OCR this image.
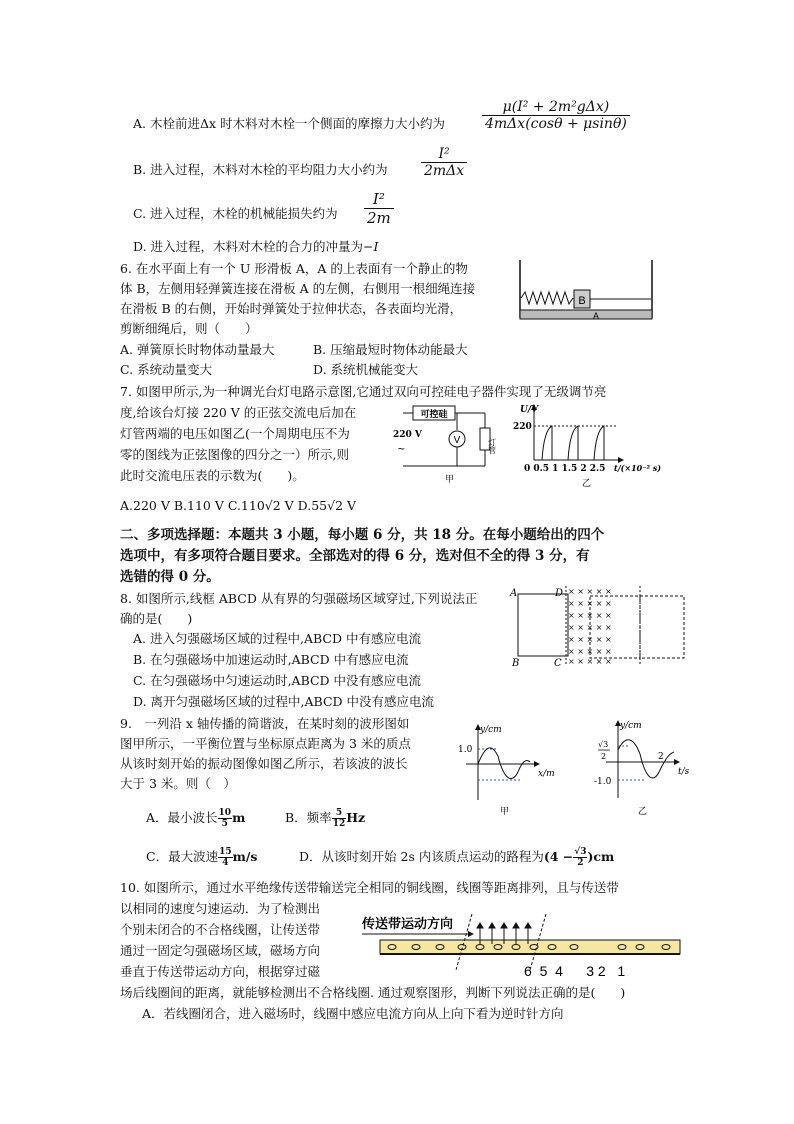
A. 木栓前进Δx 时木料对木栓一个侧面的摩擦力大小约为	$\frac{\text{μ(I² + 2m²gΔx)}}{\text{4mΔx(cosθ + μsinθ)}}$
B. 进入过程，木料对木栓的平均阻力大小约为 $\frac{\text{I²}}{\text{2mΔx}}$
C. 进入过程，木栓的机械能损失约为 $\frac{\text{I²}}{2m}$
D. 进入过程，木料对木栓的合力的冲量为−I
6. 在水平面上有一个 U 形滑板 A，A 的上表面有一个静止的物
体 B，左侧用轻弹簧连接在滑板 A 的左侧，右侧用一根细绳连接
在滑板 B 的右侧，开始时弹簧处于拉伸状态，各表面均光滑，
剪断细绳后，则（　　）
A. 弹簧原长时物体动量最大	B. 压缩最短时物体动能最大
C. 系统动量变大	D. 系统机械能变大
B
A
7. 如图甲所示,为一种调光台灯电路示意图,它通过双向可控硅电子器件实现了无级调节亮
度,给该台灯接 220 V 的正弦交流电后加在
灯管两端的电压如图乙(一个周期电压不为
零的图线为正弦图像的四分之一）所示,则
此时交流电压表的示数为(　　)。
A.220 V B.110 V C.110√2 V D.55√2 V
可控硅
V
220 V
~	灯管
甲
U/V
220
0 0.5 1 1.5 2 2.5 t/(×10⁻² s)
乙
二、多项选择题：本题共 3 小题，每小题 6 分，共 18 分。在每小题给出的四个
选项中，有多项符合题目要求。全部选对的得 6 分，选对但不全的得 3 分，有
选错的得 0 分。
8. 如图所示,线框 ABCD 从有界的匀强磁场区域穿过,下列说法正
确的是(　　)
A. 进入匀强磁场区域的过程中,ABCD 中有感应电流
B. 在匀强磁场中加速运动时,ABCD 中有感应电流
C. 在匀强磁场中匀速运动时,ABCD 中没有感应电流
D. 离开匀强磁场区域的过程中,ABCD 中没有感应电流
A	D
B	C
× × × × ×
× × × × ×
× × × × ×
× × × × ×
× × × × ×
× × × × ×
× × × × ×
9.　一列沿 x 轴传播的简谐波，在某时刻的波形图如
图甲所示，一平衡位置与坐标原点距离为 3 米的质点
从该时刻开始的振动图像如图乙所示，若该波的波长
大于 3 米。则（　）
A．最小波长 $\frac{10}{5}$ m	B．频率 $\frac{5}{12}$ Hz
C．最大波速 $\frac{15}{4} m/s$	D．从该时刻开始 2s 内该质点运动的路程为$(4 - \frac{√3}{2} )cm$
y/cm
1.0
x/m
甲
y/cm
√3
2
-1.0
2
t/s
乙
10. 如图所示，通过水平绝缘传送带输送完全相同的铜线圈，线圈等距离排列，且与传送带
以相同的速度匀速运动．为了检测出
个别未闭合的不合格线圈，让传送带
通过一固定匀强磁场区域，磁场方向
垂直于传送带运动方向，根据穿过磁
场后线圈间的距离，就能够检测出不合格线圈. 通过观察图形，判断下列说法正确的是(　　)
A．若线圈闭合，进入磁场时，线圈中感应电流方向从上向下看为逆时针方向
传送带运动方向
6  5  4      3 2   1
